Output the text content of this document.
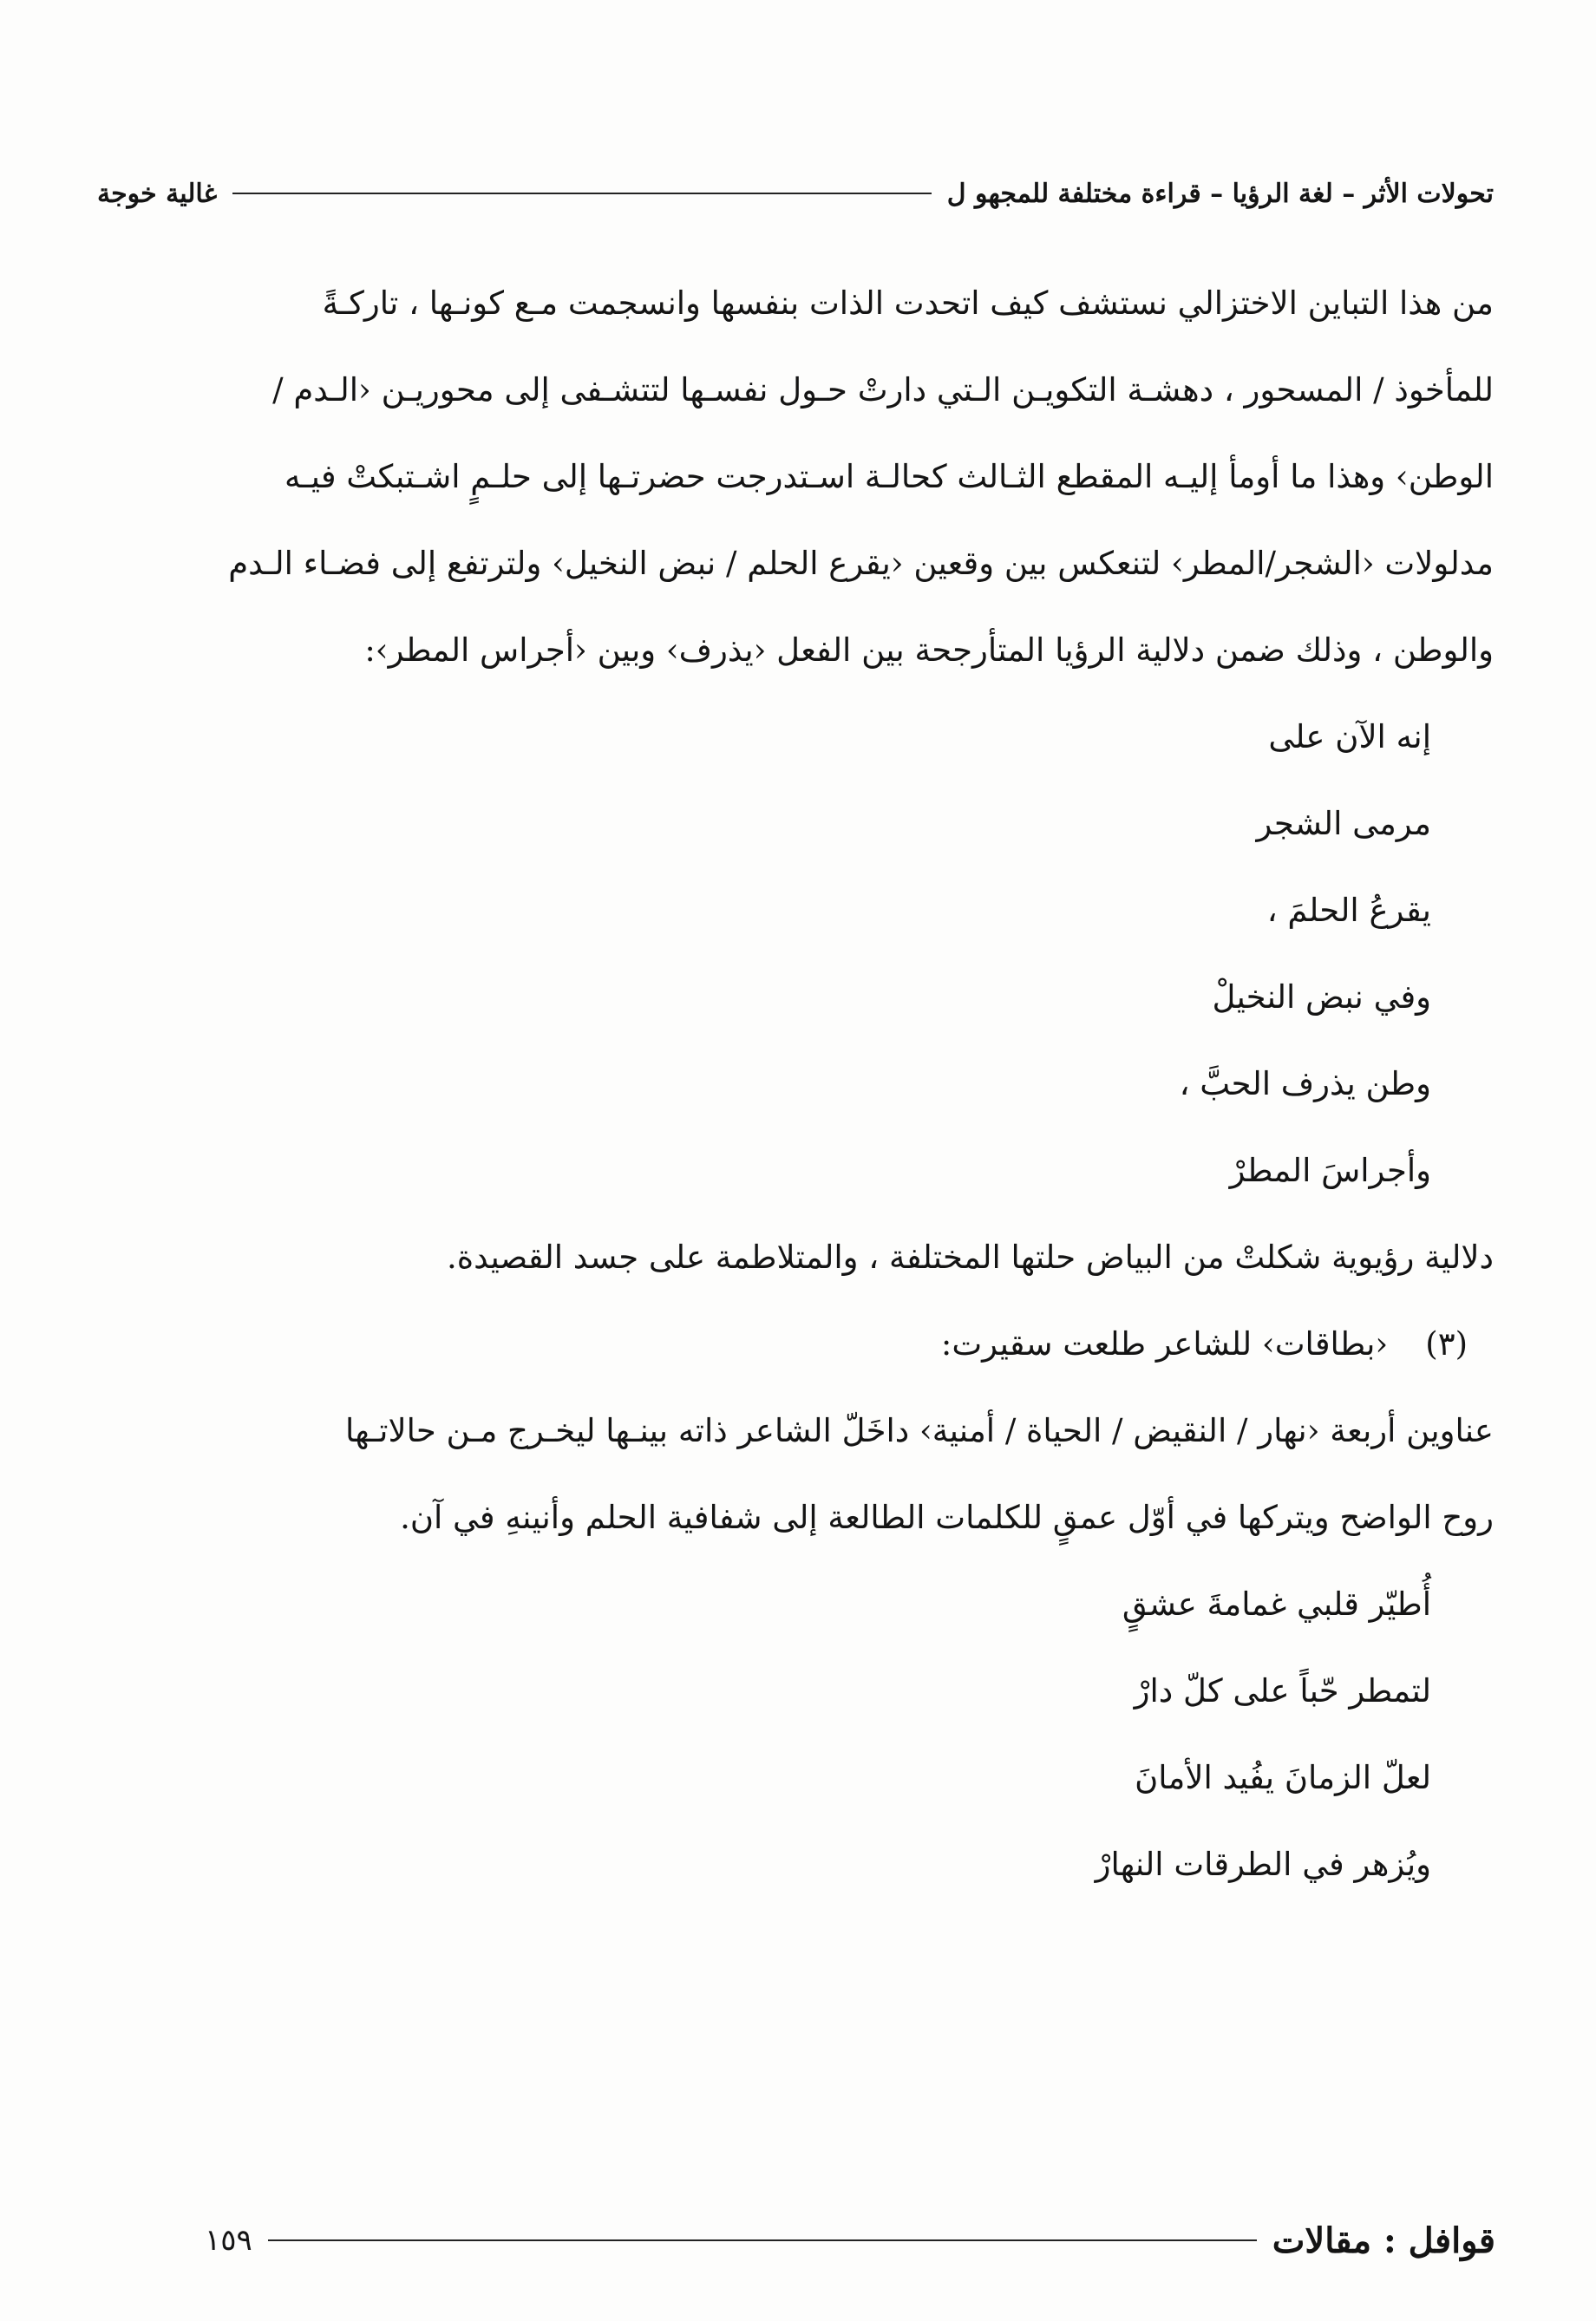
تحولات الأثر – لغة الرؤيا – قراءة مختلفة للمجهو ل
غالية خوجة

من هذا التباين الاختزالي نستشف كيف اتحدت الذات بنفسها وانسجمت مـع كونـها ، تاركـةً

للمأخوذ / المسحور ، دهشـة التكويـن الـتي دارتْ حـول نفسـها لتتشـفى إلى محوريـن ‹الـدم /

الوطن› وهذا ما أومأ إليـه المقطع الثـالث كحالـة اسـتدرجت حضرتـها إلى حلـمٍ اشـتبكتْ فيـه

مدلولات ‹الشجر/المطر› لتنعكس بين وقعين ‹يقرع الحلم / نبض النخيل› ولترتفع إلى فضـاء الـدم

والوطن ، وذلك ضمن دلالية الرؤيا المتأرجحة بين الفعل ‹يذرف› وبين ‹أجراس المطر›:

إنه الآن على

مرمى الشجر

يقرعُ الحلمَ ،

وفي نبض النخيلْ

وطن يذرف الحبَّ ،

وأجراسَ المطرْ

دلالية رؤيوية شكلتْ من البياض حلتها المختلفة ، والمتلاطمة على جسد القصيدة.

(٣) ‹بطاقات› للشاعر طلعت سقيرت:

عناوين أربعة ‹نهار / النقيض / الحياة / أمنية› داخَلّ الشاعر ذاته بينـها ليخـرج مـن حالاتـها

روح الواضح ويتركها في أوّل عمقٍ للكلمات الطالعة إلى شفافية الحلم وأنينهِ في آن.

أُطيّر قلبي غمامةَ عشقٍ

لتمطر حّباً على كلّ دارْ

لعلّ الزمانَ يفُيد الأمانَ

ويُزهر في الطرقات النهارْ

قوافل : مقالات
١٥٩
